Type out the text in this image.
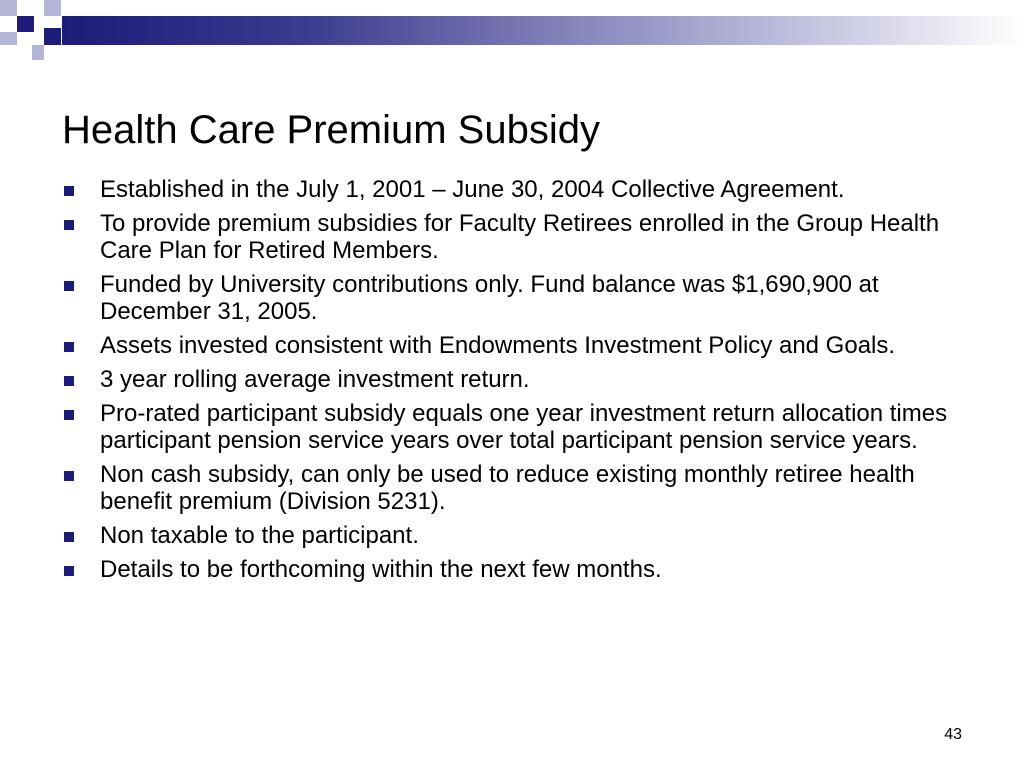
Health Care Premium Subsidy
Established in the July 1, 2001 – June 30, 2004 Collective Agreement.
To provide premium subsidies for Faculty Retirees enrolled in the Group Health Care Plan for Retired Members.
Funded by University contributions only. Fund balance was $1,690,900 at December 31, 2005.
Assets invested consistent with Endowments Investment Policy and Goals.
3 year rolling average investment return.
Pro-rated participant subsidy equals one year investment return allocation times participant pension service years over total participant pension service years.
Non cash subsidy, can only be used to reduce existing monthly retiree health benefit premium (Division 5231).
Non taxable to the participant.
Details to be forthcoming within the next few months.
43
